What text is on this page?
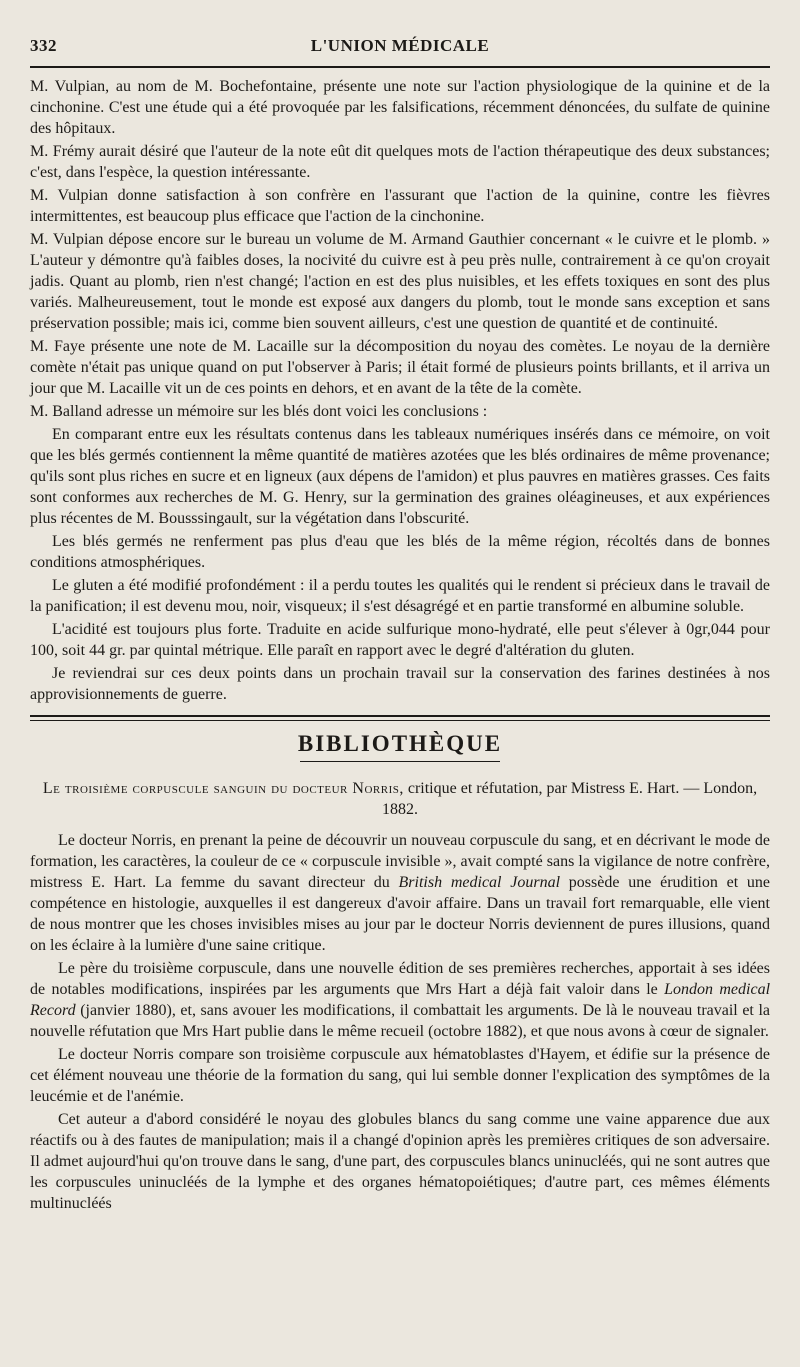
332	L'UNION MÉDICALE

M. Vulpian, au nom de M. Bochefontaine, présente une note sur l'action physiologique de la quinine et de la cinchonine. C'est une étude qui a été provoquée par les falsifications, récemment dénoncées, du sulfate de quinine des hôpitaux.

M. Frémy aurait désiré que l'auteur de la note eût dit quelques mots de l'action thérapeutique des deux substances; c'est, dans l'espèce, la question intéressante.

M. Vulpian donne satisfaction à son confrère en l'assurant que l'action de la quinine, contre les fièvres intermittentes, est beaucoup plus efficace que l'action de la cinchonine.

M. Vulpian dépose encore sur le bureau un volume de M. Armand Gauthier concernant « le cuivre et le plomb. » L'auteur y démontre qu'à faibles doses, la nocivité du cuivre est à peu près nulle, contrairement à ce qu'on croyait jadis. Quant au plomb, rien n'est changé; l'action en est des plus nuisibles, et les effets toxiques en sont des plus variés. Malheureusement, tout le monde est exposé aux dangers du plomb, tout le monde sans exception et sans préservation possible; mais ici, comme bien souvent ailleurs, c'est une question de quantité et de continuité.

M. Faye présente une note de M. Lacaille sur la décomposition du noyau des comètes. Le noyau de la dernière comète n'était pas unique quand on put l'observer à Paris; il était formé de plusieurs points brillants, et il arriva un jour que M. Lacaille vit un de ces points en dehors, et en avant de la tête de la comète.

M. Balland adresse un mémoire sur les blés dont voici les conclusions :

En comparant entre eux les résultats contenus dans les tableaux numériques insérés dans ce mémoire, on voit que les blés germés contiennent la même quantité de matières azotées que les blés ordinaires de même provenance; qu'ils sont plus riches en sucre et en ligneux (aux dépens de l'amidon) et plus pauvres en matières grasses. Ces faits sont conformes aux recherches de M. G. Henry, sur la germination des graines oléagineuses, et aux expériences plus récentes de M. Bousssingault, sur la végétation dans l'obscurité.

Les blés germés ne renferment pas plus d'eau que les blés de la même région, récoltés dans de bonnes conditions atmosphériques.

Le gluten a été modifié profondément : il a perdu toutes les qualités qui le rendent si précieux dans le travail de la panification; il est devenu mou, noir, visqueux; il s'est désagrégé et en partie transformé en albumine soluble.

L'acidité est toujours plus forte. Traduite en acide sulfurique mono-hydraté, elle peut s'élever à 0gr,044 pour 100, soit 44 gr. par quintal métrique. Elle paraît en rapport avec le degré d'altération du gluten.

Je reviendrai sur ces deux points dans un prochain travail sur la conservation des farines destinées à nos approvisionnements de guerre.

BIBLIOTHÈQUE
Le troisième corpuscule sanguin du docteur Norris, critique et réfutation, par Mistress E. Hart. — London, 1882.

Le docteur Norris, en prenant la peine de découvrir un nouveau corpuscule du sang, et en décrivant le mode de formation, les caractères, la couleur de ce « corpuscule invisible », avait compté sans la vigilance de notre confrère, mistress E. Hart. La femme du savant directeur du British medical Journal possède une érudition et une compétence en histologie, auxquelles il est dangereux d'avoir affaire. Dans un travail fort remarquable, elle vient de nous montrer que les choses invisibles mises au jour par le docteur Norris deviennent de pures illusions, quand on les éclaire à la lumière d'une saine critique.

Le père du troisième corpuscule, dans une nouvelle édition de ses premières recherches, apportait à ses idées de notables modifications, inspirées par les arguments que Mrs Hart a déjà fait valoir dans le London medical Record (janvier 1880), et, sans avouer les modifications, il combattait les arguments. De là le nouveau travail et la nouvelle réfutation que Mrs Hart publie dans le même recueil (octobre 1882), et que nous avons à cœur de signaler.

Le docteur Norris compare son troisième corpuscule aux hématoblastes d'Hayem, et édifie sur la présence de cet élément nouveau une théorie de la formation du sang, qui lui semble donner l'explication des symptômes de la leucémie et de l'anémie.

Cet auteur a d'abord considéré le noyau des globules blancs du sang comme une vaine apparence due aux réactifs ou à des fautes de manipulation; mais il a changé d'opinion après les premières critiques de son adversaire. Il admet aujourd'hui qu'on trouve dans le sang, d'une part, des corpuscules blancs uninucléés, qui ne sont autres que les corpuscules uninucléés de la lymphe et des organes hématopoiétiques; d'autre part, ces mêmes éléments multinucléés
